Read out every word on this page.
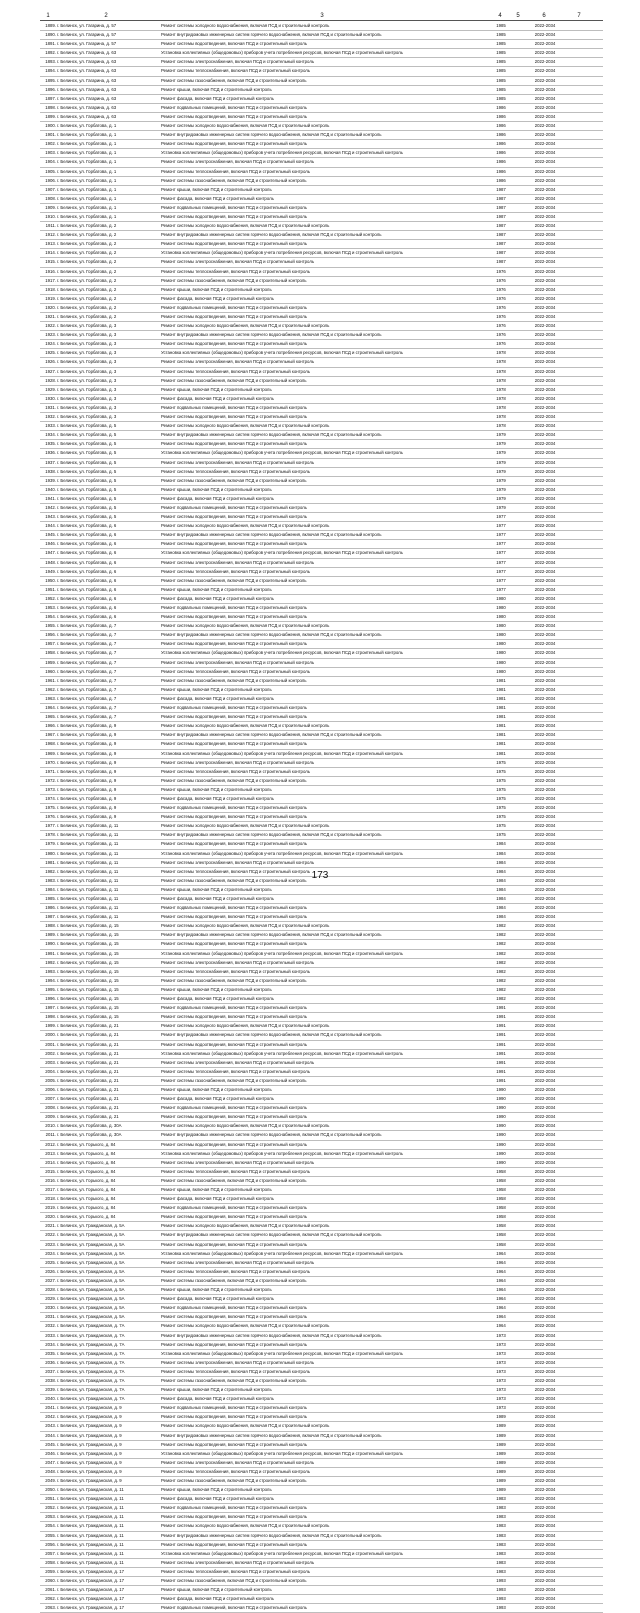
1	2	3	4	5	6	7
1889. г. Белинск, ул. Гагарина, д. 57	Ремонт системы холодного водоснабжения, включая ПСД и строительный контроль	1985	2022-2034
1890. г. Белинск, ул. Гагарина, д. 57	Ремонт внутридомовых инженерных систем горячего водоснабжения, включая ПСД и строительный контроль	1985	2022-2034
1891. г. Белинск, ул. Гагарина, д. 57	Ремонт системы водоотведения, включая ПСД и строительный контроль	1985	2022-2034
1892. г. Белинск, ул. Гагарина, д. 63	Установка коллективных (общедомовых) приборов учета потребления ресурсов, включая ПСД и строительный контроль	1985	2022-2034
1893. г. Белинск, ул. Гагарина, д. 63	Ремонт системы электроснабжения, включая ПСД и строительный контроль	1985	2022-2034
1894. г. Белинск, ул. Гагарина, д. 63	Ремонт системы теплоснабжения, включая ПСД и строительный контроль	1985	2022-2034
1895. г. Белинск, ул. Гагарина, д. 63	Ремонт системы газоснабжения, включая ПСД и строительный контроль	1985	2022-2034
1896. г. Белинск, ул. Гагарина, д. 63	Ремонт крыши, включая ПСД и строительный контроль	1985	2022-2034
1897. г. Белинск, ул. Гагарина, д. 63	Ремонт фасада, включая ПСД и строительный контроль	1985	2022-2034
1898. г. Белинск, ул. Гагарина, д. 63	Ремонт подвальных помещений, включая ПСД и строительный контроль	1986	2022-2034
1899. г. Белинск, ул. Гагарина, д. 63	Ремонт системы водоотведения, включая ПСД и строительный контроль	1986	2022-2034
1900. г. Белинск, ул. Горбатова, д. 1	Ремонт системы холодного водоснабжения, включая ПСД и строительный контроль	1986	2022-2034
1901. г. Белинск, ул. Горбатова, д. 1	Ремонт внутридомовых инженерных систем горячего водоснабжения, включая ПСД и строительный контроль	1986	2022-2034
1902. г. Белинск, ул. Горбатова, д. 1	Ремонт системы водоотведения, включая ПСД и строительный контроль	1986	2022-2034
1903. г. Белинск, ул. Горбатова, д. 1	Установка коллективных (общедомовых) приборов учета потребления ресурсов, включая ПСД и строительный контроль	1986	2022-2034
1904. г. Белинск, ул. Горбатова, д. 1	Ремонт системы электроснабжения, включая ПСД и строительный контроль	1986	2022-2034
1905. г. Белинск, ул. Горбатова, д. 1	Ремонт системы теплоснабжения, включая ПСД и строительный контроль	1986	2022-2034
1906. г. Белинск, ул. Горбатова, д. 1	Ремонт системы газоснабжения, включая ПСД и строительный контроль	1986	2022-2034
1907. г. Белинск, ул. Горбатова, д. 1	Ремонт крыши, включая ПСД и строительный контроль	1987	2022-2034
1908. г. Белинск, ул. Горбатова, д. 1	Ремонт фасада, включая ПСД и строительный контроль	1987	2022-2034
1909. г. Белинск, ул. Горбатова, д. 1	Ремонт подвальных помещений, включая ПСД и строительный контроль	1987	2022-2034
1910. г. Белинск, ул. Горбатова, д. 1	Ремонт системы водоотведения, включая ПСД и строительный контроль	1987	2022-2034
1911. г. Белинск, ул. Горбатова, д. 2	Ремонт системы холодного водоснабжения, включая ПСД и строительный контроль	1987	2022-2034
1912. г. Белинск, ул. Горбатова, д. 2	Ремонт внутридомовых инженерных систем горячего водоснабжения, включая ПСД и строительный контроль	1987	2022-2034
1913. г. Белинск, ул. Горбатова, д. 2	Ремонт системы водоотведения, включая ПСД и строительный контроль	1987	2022-2034
1914. г. Белинск, ул. Горбатова, д. 2	Установка коллективных (общедомовых) приборов учета потребления ресурсов, включая ПСД и строительный контроль	1987	2022-2034
1915. г. Белинск, ул. Горбатова, д. 2	Ремонт системы электроснабжения, включая ПСД и строительный контроль	1987	2022-2034
1916. г. Белинск, ул. Горбатова, д. 2	Ремонт системы теплоснабжения, включая ПСД и строительный контроль	1976	2022-2034
1917. г. Белинск, ул. Горбатова, д. 2	Ремонт системы газоснабжения, включая ПСД и строительный контроль	1976	2022-2034
1918. г. Белинск, ул. Горбатова, д. 2	Ремонт крыши, включая ПСД и строительный контроль	1976	2022-2034
1919. г. Белинск, ул. Горбатова, д. 2	Ремонт фасада, включая ПСД и строительный контроль	1976	2022-2034
1920. г. Белинск, ул. Горбатова, д. 2	Ремонт подвальных помещений, включая ПСД и строительный контроль	1976	2022-2034
1921. г. Белинск, ул. Горбатова, д. 2	Ремонт системы водоотведения, включая ПСД и строительный контроль	1976	2022-2034
1922. г. Белинск, ул. Горбатова, д. 3	Ремонт системы холодного водоснабжения, включая ПСД и строительный контроль	1976	2022-2034
1923. г. Белинск, ул. Горбатова, д. 3	Ремонт внутридомовых инженерных систем горячего водоснабжения, включая ПСД и строительный контроль	1976	2022-2034
1924. г. Белинск, ул. Горбатова, д. 3	Ремонт системы водоотведения, включая ПСД и строительный контроль	1976	2022-2034
1925. г. Белинск, ул. Горбатова, д. 3	Установка коллективных (общедомовых) приборов учета потребления ресурсов, включая ПСД и строительный контроль	1978	2022-2034
1926. г. Белинск, ул. Горбатова, д. 3	Ремонт системы электроснабжения, включая ПСД и строительный контроль	1978	2022-2034
1927. г. Белинск, ул. Горбатова, д. 3	Ремонт системы теплоснабжения, включая ПСД и строительный контроль	1978	2022-2034
1928. г. Белинск, ул. Горбатова, д. 3	Ремонт системы газоснабжения, включая ПСД и строительный контроль	1978	2022-2034
1929. г. Белинск, ул. Горбатова, д. 3	Ремонт крыши, включая ПСД и строительный контроль	1978	2022-2034
1930. г. Белинск, ул. Горбатова, д. 3	Ремонт фасада, включая ПСД и строительный контроль	1978	2022-2034
1931. г. Белинск, ул. Горбатова, д. 3	Ремонт подвальных помещений, включая ПСД и строительный контроль	1978	2022-2034
1932. г. Белинск, ул. Горбатова, д. 3	Ремонт системы водоотведения, включая ПСД и строительный контроль	1978	2022-2034
1933. г. Белинск, ул. Горбатова, д. 5	Ремонт системы холодного водоснабжения, включая ПСД и строительный контроль	1978	2022-2034
1934. г. Белинск, ул. Горбатова, д. 5	Ремонт внутридомовых инженерных систем горячего водоснабжения, включая ПСД и строительный контроль	1979	2022-2034
1935. г. Белинск, ул. Горбатова, д. 5	Ремонт системы водоотведения, включая ПСД и строительный контроль	1979	2022-2034
1936. г. Белинск, ул. Горбатова, д. 5	Установка коллективных (общедомовых) приборов учета потребления ресурсов, включая ПСД и строительный контроль	1979	2022-2034
1937. г. Белинск, ул. Горбатова, д. 5	Ремонт системы электроснабжения, включая ПСД и строительный контроль	1979	2022-2034
1938. г. Белинск, ул. Горбатова, д. 5	Ремонт системы теплоснабжения, включая ПСД и строительный контроль	1979	2022-2034
1939. г. Белинск, ул. Горбатова, д. 5	Ремонт системы газоснабжения, включая ПСД и строительный контроль	1979	2022-2034
1940. г. Белинск, ул. Горбатова, д. 5	Ремонт крыши, включая ПСД и строительный контроль	1979	2022-2034
1941. г. Белинск, ул. Горбатова, д. 5	Ремонт фасада, включая ПСД и строительный контроль	1979	2022-2034
1942. г. Белинск, ул. Горбатова, д. 5	Ремонт подвальных помещений, включая ПСД и строительный контроль	1979	2022-2034
1943. г. Белинск, ул. Горбатова, д. 5	Ремонт системы водоотведения, включая ПСД и строительный контроль	1977	2022-2034
1944. г. Белинск, ул. Горбатова, д. 6	Ремонт системы холодного водоснабжения, включая ПСД и строительный контроль	1977	2022-2034
1945. г. Белинск, ул. Горбатова, д. 6	Ремонт внутридомовых инженерных систем горячего водоснабжения, включая ПСД и строительный контроль	1977	2022-2034
1946. г. Белинск, ул. Горбатова, д. 6	Ремонт системы водоотведения, включая ПСД и строительный контроль	1977	2022-2034
1947. г. Белинск, ул. Горбатова, д. 6	Установка коллективных (общедомовых) приборов учета потребления ресурсов, включая ПСД и строительный контроль	1977	2022-2034
1948. г. Белинск, ул. Горбатова, д. 6	Ремонт системы электроснабжения, включая ПСД и строительный контроль	1977	2022-2034
1949. г. Белинск, ул. Горбатова, д. 6	Ремонт системы теплоснабжения, включая ПСД и строительный контроль	1977	2022-2034
1950. г. Белинск, ул. Горбатова, д. 6	Ремонт системы газоснабжения, включая ПСД и строительный контроль	1977	2022-2034
1951. г. Белинск, ул. Горбатова, д. 6	Ремонт крыши, включая ПСД и строительный контроль	1977	2022-2034
1952. г. Белинск, ул. Горбатова, д. 6	Ремонт фасада, включая ПСД и строительный контроль	1980	2022-2034
1953. г. Белинск, ул. Горбатова, д. 6	Ремонт подвальных помещений, включая ПСД и строительный контроль	1980	2022-2034
1954. г. Белинск, ул. Горбатова, д. 6	Ремонт системы водоотведения, включая ПСД и строительный контроль	1980	2022-2034
1955. г. Белинск, ул. Горбатова, д. 7	Ремонт системы холодного водоснабжения, включая ПСД и строительный контроль	1980	2022-2034
1956. г. Белинск, ул. Горбатова, д. 7	Ремонт внутридомовых инженерных систем горячего водоснабжения, включая ПСД и строительный контроль	1980	2022-2034
1957. г. Белинск, ул. Горбатова, д. 7	Ремонт системы водоотведения, включая ПСД и строительный контроль	1980	2022-2034
1958. г. Белинск, ул. Горбатова, д. 7	Установка коллективных (общедомовых) приборов учета потребления ресурсов, включая ПСД и строительный контроль	1980	2022-2034
1959. г. Белинск, ул. Горбатова, д. 7	Ремонт системы электроснабжения, включая ПСД и строительный контроль	1980	2022-2034
1960. г. Белинск, ул. Горбатова, д. 7	Ремонт системы теплоснабжения, включая ПСД и строительный контроль	1980	2022-2034
1961. г. Белинск, ул. Горбатова, д. 7	Ремонт системы газоснабжения, включая ПСД и строительный контроль	1981	2022-2034
1962. г. Белинск, ул. Горбатова, д. 7	Ремонт крыши, включая ПСД и строительный контроль	1981	2022-2034
1963. г. Белинск, ул. Горбатова, д. 7	Ремонт фасада, включая ПСД и строительный контроль	1981	2022-2034
1964. г. Белинск, ул. Горбатова, д. 7	Ремонт подвальных помещений, включая ПСД и строительный контроль	1981	2022-2034
1965. г. Белинск, ул. Горбатова, д. 7	Ремонт системы водоотведения, включая ПСД и строительный контроль	1981	2022-2034
1966. г. Белинск, ул. Горбатова, д. 9	Ремонт системы холодного водоснабжения, включая ПСД и строительный контроль	1981	2022-2034
1967. г. Белинск, ул. Горбатова, д. 9	Ремонт внутридомовых инженерных систем горячего водоснабжения, включая ПСД и строительный контроль	1981	2022-2034
1968. г. Белинск, ул. Горбатова, д. 9	Ремонт системы водоотведения, включая ПСД и строительный контроль	1981	2022-2034
1969. г. Белинск, ул. Горбатова, д. 9	Установка коллективных (общедомовых) приборов учета потребления ресурсов, включая ПСД и строительный контроль	1981	2022-2034
1970. г. Белинск, ул. Горбатова, д. 9	Ремонт системы электроснабжения, включая ПСД и строительный контроль	1975	2022-2034
1971. г. Белинск, ул. Горбатова, д. 9	Ремонт системы теплоснабжения, включая ПСД и строительный контроль	1975	2022-2034
1972. г. Белинск, ул. Горбатова, д. 9	Ремонт системы газоснабжения, включая ПСД и строительный контроль	1975	2022-2034
1973. г. Белинск, ул. Горбатова, д. 9	Ремонт крыши, включая ПСД и строительный контроль	1975	2022-2034
1974. г. Белинск, ул. Горбатова, д. 9	Ремонт фасада, включая ПСД и строительный контроль	1975	2022-2034
1975. г. Белинск, ул. Горбатова, д. 9	Ремонт подвальных помещений, включая ПСД и строительный контроль	1975	2022-2034
1976. г. Белинск, ул. Горбатова, д. 9	Ремонт системы водоотведения, включая ПСД и строительный контроль	1975	2022-2034
1977. г. Белинск, ул. Горбатова, д. 11	Ремонт системы холодного водоснабжения, включая ПСД и строительный контроль	1975	2022-2034
1978. г. Белинск, ул. Горбатова, д. 11	Ремонт внутридомовых инженерных систем горячего водоснабжения, включая ПСД и строительный контроль	1975	2022-2034
1979. г. Белинск, ул. Горбатова, д. 11	Ремонт системы водоотведения, включая ПСД и строительный контроль	1984	2022-2034
1980. г. Белинск, ул. Горбатова, д. 11	Установка коллективных (общедомовых) приборов учета потребления ресурсов, включая ПСД и строительный контроль	1984	2022-2034
1981. г. Белинск, ул. Горбатова, д. 11	Ремонт системы электроснабжения, включая ПСД и строительный контроль	1984	2022-2034
1982. г. Белинск, ул. Горбатова, д. 11	Ремонт системы теплоснабжения, включая ПСД и строительный контроль	1984	2022-2034
1983. г. Белинск, ул. Горбатова, д. 11	Ремонт системы газоснабжения, включая ПСД и строительный контроль	1984	2022-2034
1984. г. Белинск, ул. Горбатова, д. 11	Ремонт крыши, включая ПСД и строительный контроль	1984	2022-2034
1985. г. Белинск, ул. Горбатова, д. 11	Ремонт фасада, включая ПСД и строительный контроль	1984	2022-2034
1986. г. Белинск, ул. Горбатова, д. 11	Ремонт подвальных помещений, включая ПСД и строительный контроль	1984	2022-2034
1987. г. Белинск, ул. Горбатова, д. 11	Ремонт системы водоотведения, включая ПСД и строительный контроль	1984	2022-2034
1988. г. Белинск, ул. Горбатова, д. 15	Ремонт системы холодного водоснабжения, включая ПСД и строительный контроль	1982	2022-2034
1989. г. Белинск, ул. Горбатова, д. 15	Ремонт внутридомовых инженерных систем горячего водоснабжения, включая ПСД и строительный контроль	1982	2022-2034
1990. г. Белинск, ул. Горбатова, д. 15	Ремонт системы водоотведения, включая ПСД и строительный контроль	1982	2022-2034
1991. г. Белинск, ул. Горбатова, д. 15	Установка коллективных (общедомовых) приборов учета потребления ресурсов, включая ПСД и строительный контроль	1982	2022-2034
1992. г. Белинск, ул. Горбатова, д. 15	Ремонт системы электроснабжения, включая ПСД и строительный контроль	1982	2022-2034
1993. г. Белинск, ул. Горбатова, д. 15	Ремонт системы теплоснабжения, включая ПСД и строительный контроль	1982	2022-2034
1994. г. Белинск, ул. Горбатова, д. 15	Ремонт системы газоснабжения, включая ПСД и строительный контроль	1982	2022-2034
1995. г. Белинск, ул. Горбатова, д. 15	Ремонт крыши, включая ПСД и строительный контроль	1982	2022-2034
1996. г. Белинск, ул. Горбатова, д. 15	Ремонт фасада, включая ПСД и строительный контроль	1982	2022-2034
1997. г. Белинск, ул. Горбатова, д. 15	Ремонт подвальных помещений, включая ПСД и строительный контроль	1991	2022-2034
1998. г. Белинск, ул. Горбатова, д. 15	Ремонт системы водоотведения, включая ПСД и строительный контроль	1991	2022-2034
1999. г. Белинск, ул. Горбатова, д. 21	Ремонт системы холодного водоснабжения, включая ПСД и строительный контроль	1991	2022-2034
2000. г. Белинск, ул. Горбатова, д. 21	Ремонт внутридомовых инженерных систем горячего водоснабжения, включая ПСД и строительный контроль	1991	2022-2034
2001. г. Белинск, ул. Горбатова, д. 21	Ремонт системы водоотведения, включая ПСД и строительный контроль	1991	2022-2034
2002. г. Белинск, ул. Горбатова, д. 21	Установка коллективных (общедомовых) приборов учета потребления ресурсов, включая ПСД и строительный контроль	1991	2022-2034
2003. г. Белинск, ул. Горбатова, д. 21	Ремонт системы электроснабжения, включая ПСД и строительный контроль	1991	2022-2034
2004. г. Белинск, ул. Горбатова, д. 21	Ремонт системы теплоснабжения, включая ПСД и строительный контроль	1991	2022-2034
2005. г. Белинск, ул. Горбатова, д. 21	Ремонт системы газоснабжения, включая ПСД и строительный контроль	1991	2022-2034
2006. г. Белинск, ул. Горбатова, д. 21	Ремонт крыши, включая ПСД и строительный контроль	1990	2022-2034
2007. г. Белинск, ул. Горбатова, д. 21	Ремонт фасада, включая ПСД и строительный контроль	1990	2022-2034
2008. г. Белинск, ул. Горбатова, д. 21	Ремонт подвальных помещений, включая ПСД и строительный контроль	1990	2022-2034
2009. г. Белинск, ул. Горбатова, д. 21	Ремонт системы водоотведения, включая ПСД и строительный контроль	1990	2022-2034
2010. г. Белинск, ул. Горбатова, д. 30А	Ремонт системы холодного водоснабжения, включая ПСД и строительный контроль	1990	2022-2034
2011. г. Белинск, ул. Горбатова, д. 30А	Ремонт внутридомовых инженерных систем горячего водоснабжения, включая ПСД и строительный контроль	1990	2022-2034
2012. г. Белинск, ул. Горького, д. 84	Ремонт системы водоотведения, включая ПСД и строительный контроль	1990	2022-2034
2013. г. Белинск, ул. Горького, д. 84	Установка коллективных (общедомовых) приборов учета потребления ресурсов, включая ПСД и строительный контроль	1990	2022-2034
2014. г. Белинск, ул. Горького, д. 84	Ремонт системы электроснабжения, включая ПСД и строительный контроль	1990	2022-2034
2015. г. Белинск, ул. Горького, д. 84	Ремонт системы теплоснабжения, включая ПСД и строительный контроль	1958	2022-2034
2016. г. Белинск, ул. Горького, д. 84	Ремонт системы газоснабжения, включая ПСД и строительный контроль	1958	2022-2034
2017. г. Белинск, ул. Горького, д. 84	Ремонт крыши, включая ПСД и строительный контроль	1958	2022-2034
2018. г. Белинск, ул. Горького, д. 84	Ремонт фасада, включая ПСД и строительный контроль	1958	2022-2034
2019. г. Белинск, ул. Горького, д. 84	Ремонт подвальных помещений, включая ПСД и строительный контроль	1958	2022-2034
2020. г. Белинск, ул. Горького, д. 84	Ремонт системы водоотведения, включая ПСД и строительный контроль	1958	2022-2034
2021. г. Белинск, ул. Гражданская, д. 5А	Ремонт системы холодного водоснабжения, включая ПСД и строительный контроль	1958	2022-2034
2022. г. Белинск, ул. Гражданская, д. 5А	Ремонт внутридомовых инженерных систем горячего водоснабжения, включая ПСД и строительный контроль	1958	2022-2034
2023. г. Белинск, ул. Гражданская, д. 5А	Ремонт системы водоотведения, включая ПСД и строительный контроль	1958	2022-2034
2024. г. Белинск, ул. Гражданская, д. 5А	Установка коллективных (общедомовых) приборов учета потребления ресурсов, включая ПСД и строительный контроль	1964	2022-2034
2025. г. Белинск, ул. Гражданская, д. 5А	Ремонт системы электроснабжения, включая ПСД и строительный контроль	1964	2022-2034
2026. г. Белинск, ул. Гражданская, д. 5А	Ремонт системы теплоснабжения, включая ПСД и строительный контроль	1964	2022-2034
2027. г. Белинск, ул. Гражданская, д. 5А	Ремонт системы газоснабжения, включая ПСД и строительный контроль	1964	2022-2034
2028. г. Белинск, ул. Гражданская, д. 5А	Ремонт крыши, включая ПСД и строительный контроль	1964	2022-2034
2029. г. Белинск, ул. Гражданская, д. 5А	Ремонт фасада, включая ПСД и строительный контроль	1964	2022-2034
2030. г. Белинск, ул. Гражданская, д. 5А	Ремонт подвальных помещений, включая ПСД и строительный контроль	1964	2022-2034
2031. г. Белинск, ул. Гражданская, д. 5А	Ремонт системы водоотведения, включая ПСД и строительный контроль	1964	2022-2034
2032. г. Белинск, ул. Гражданская, д. 7А	Ремонт системы холодного водоснабжения, включая ПСД и строительный контроль	1964	2022-2034
2033. г. Белинск, ул. Гражданская, д. 7А	Ремонт внутридомовых инженерных систем горячего водоснабжения, включая ПСД и строительный контроль	1973	2022-2034
2034. г. Белинск, ул. Гражданская, д. 7А	Ремонт системы водоотведения, включая ПСД и строительный контроль	1973	2022-2034
2035. г. Белинск, ул. Гражданская, д. 7А	Установка коллективных (общедомовых) приборов учета потребления ресурсов, включая ПСД и строительный контроль	1973	2022-2034
2036. г. Белинск, ул. Гражданская, д. 7А	Ремонт системы электроснабжения, включая ПСД и строительный контроль	1973	2022-2034
2037. г. Белинск, ул. Гражданская, д. 7А	Ремонт системы теплоснабжения, включая ПСД и строительный контроль	1973	2022-2034
2038. г. Белинск, ул. Гражданская, д. 7А	Ремонт системы газоснабжения, включая ПСД и строительный контроль	1973	2022-2034
2039. г. Белинск, ул. Гражданская, д. 7А	Ремонт крыши, включая ПСД и строительный контроль	1973	2022-2034
2040. г. Белинск, ул. Гражданская, д. 7А	Ремонт фасада, включая ПСД и строительный контроль	1973	2022-2034
2041. г. Белинск, ул. Гражданская, д. 9	Ремонт подвальных помещений, включая ПСД и строительный контроль	1973	2022-2034
2042. г. Белинск, ул. Гражданская, д. 9	Ремонт системы водоотведения, включая ПСД и строительный контроль	1989	2022-2034
2043. г. Белинск, ул. Гражданская, д. 9	Ремонт системы холодного водоснабжения, включая ПСД и строительный контроль	1989	2022-2034
2044. г. Белинск, ул. Гражданская, д. 9	Ремонт внутридомовых инженерных систем горячего водоснабжения, включая ПСД и строительный контроль	1989	2022-2034
2045. г. Белинск, ул. Гражданская, д. 9	Ремонт системы водоотведения, включая ПСД и строительный контроль	1989	2022-2034
2046. г. Белинск, ул. Гражданская, д. 9	Установка коллективных (общедомовых) приборов учета потребления ресурсов, включая ПСД и строительный контроль	1989	2022-2034
2047. г. Белинск, ул. Гражданская, д. 9	Ремонт системы электроснабжения, включая ПСД и строительный контроль	1989	2022-2034
2048. г. Белинск, ул. Гражданская, д. 9	Ремонт системы теплоснабжения, включая ПСД и строительный контроль	1989	2022-2034
2049. г. Белинск, ул. Гражданская, д. 9	Ремонт системы газоснабжения, включая ПСД и строительный контроль	1989	2022-2034
2050. г. Белинск, ул. Гражданская, д. 11	Ремонт крыши, включая ПСД и строительный контроль	1989	2022-2034
2051. г. Белинск, ул. Гражданская, д. 11	Ремонт фасада, включая ПСД и строительный контроль	1983	2022-2034
2052. г. Белинск, ул. Гражданская, д. 11	Ремонт подвальных помещений, включая ПСД и строительный контроль	1983	2022-2034
2053. г. Белинск, ул. Гражданская, д. 11	Ремонт системы водоотведения, включая ПСД и строительный контроль	1983	2022-2034
2054. г. Белинск, ул. Гражданская, д. 11	Ремонт системы холодного водоснабжения, включая ПСД и строительный контроль	1983	2022-2034
2055. г. Белинск, ул. Гражданская, д. 11	Ремонт внутридомовых инженерных систем горячего водоснабжения, включая ПСД и строительный контроль	1983	2022-2034
2056. г. Белинск, ул. Гражданская, д. 11	Ремонт системы водоотведения, включая ПСД и строительный контроль	1983	2022-2034
2057. г. Белинск, ул. Гражданская, д. 11	Установка коллективных (общедомовых) приборов учета потребления ресурсов, включая ПСД и строительный контроль	1983	2022-2034
2058. г. Белинск, ул. Гражданская, д. 11	Ремонт системы электроснабжения, включая ПСД и строительный контроль	1983	2022-2034
2059. г. Белинск, ул. Гражданская, д. 17	Ремонт системы теплоснабжения, включая ПСД и строительный контроль	1983	2022-2034
2060. г. Белинск, ул. Гражданская, д. 17	Ремонт системы газоснабжения, включая ПСД и строительный контроль	1993	2022-2034
2061. г. Белинск, ул. Гражданская, д. 17	Ремонт крыши, включая ПСД и строительный контроль	1993	2022-2034
2062. г. Белинск, ул. Гражданская, д. 17	Ремонт фасада, включая ПСД и строительный контроль	1993	2022-2034
2063. г. Белинск, ул. Гражданская, д. 17	Ремонт подвальных помещений, включая ПСД и строительный контроль	1993	2022-2034
173
